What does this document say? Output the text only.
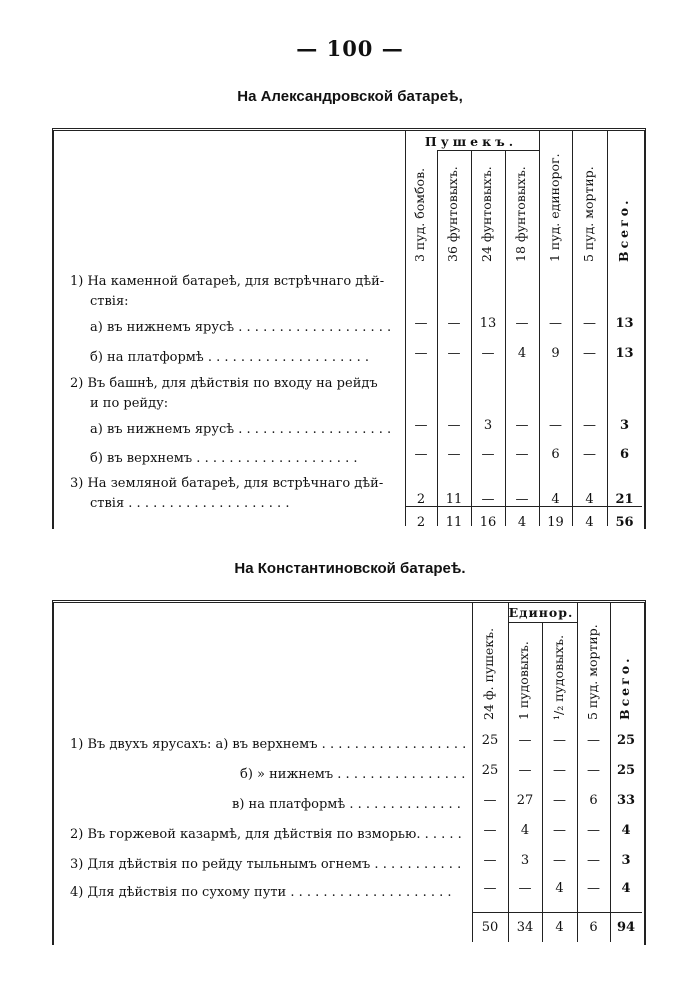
— 100 —
На Александровской батареѣ,
Пушекъ.
3 пуд. бомбов. 36 фунтовыхъ. 24 фунтовыхъ. 18 фунтовыхъ. 1 пуд. единорог. 5 пуд. мортир. Всего.
1) На каменной батареѣ, для встрѣчнаго дѣй-
ствія:
а) въ нижнемъ ярусѣ . . .	—	—	13	—	—	—	13
б) на платформѣ . . .	—	—	—	4	9	—	13
2) Въ башнѣ, для дѣйствія по входу на рейдъ
и по рейду:
а) въ нижнемъ ярусѣ . . .	—	—	3	—	—	—	3
б) въ верхнемъ . . .	—	—	—	—	6	—	6
3) На земляной батареѣ, для встрѣчнаго дѣй-
ствія . . .	2	11	—	—	4	4	21
2	11	16	4	19	4	56
На Константиновской батареѣ.
Единор.
24 ф. пушекъ. 1 пудовыхъ. ¹/₂ пудовыхъ. 5 пуд. мортир. Всего.
1) Въ двухъ ярусахъ: а) въ верхнемъ . . .	25	—	—	—	25
б) » нижнемъ . . .	25	—	—	—	25
в) на платформѣ . . .	—	27	—	6	33
2) Въ горжевой казармѣ, для дѣйствія по взморью. . . .	—	4	—	—	4
3) Для дѣйствія по рейду тыльнымъ огнемъ . . .	—	3	—	—	3
4) Для дѣйствія по сухому пути . . .	—	—	4	—	4
50	34	4	6	94
